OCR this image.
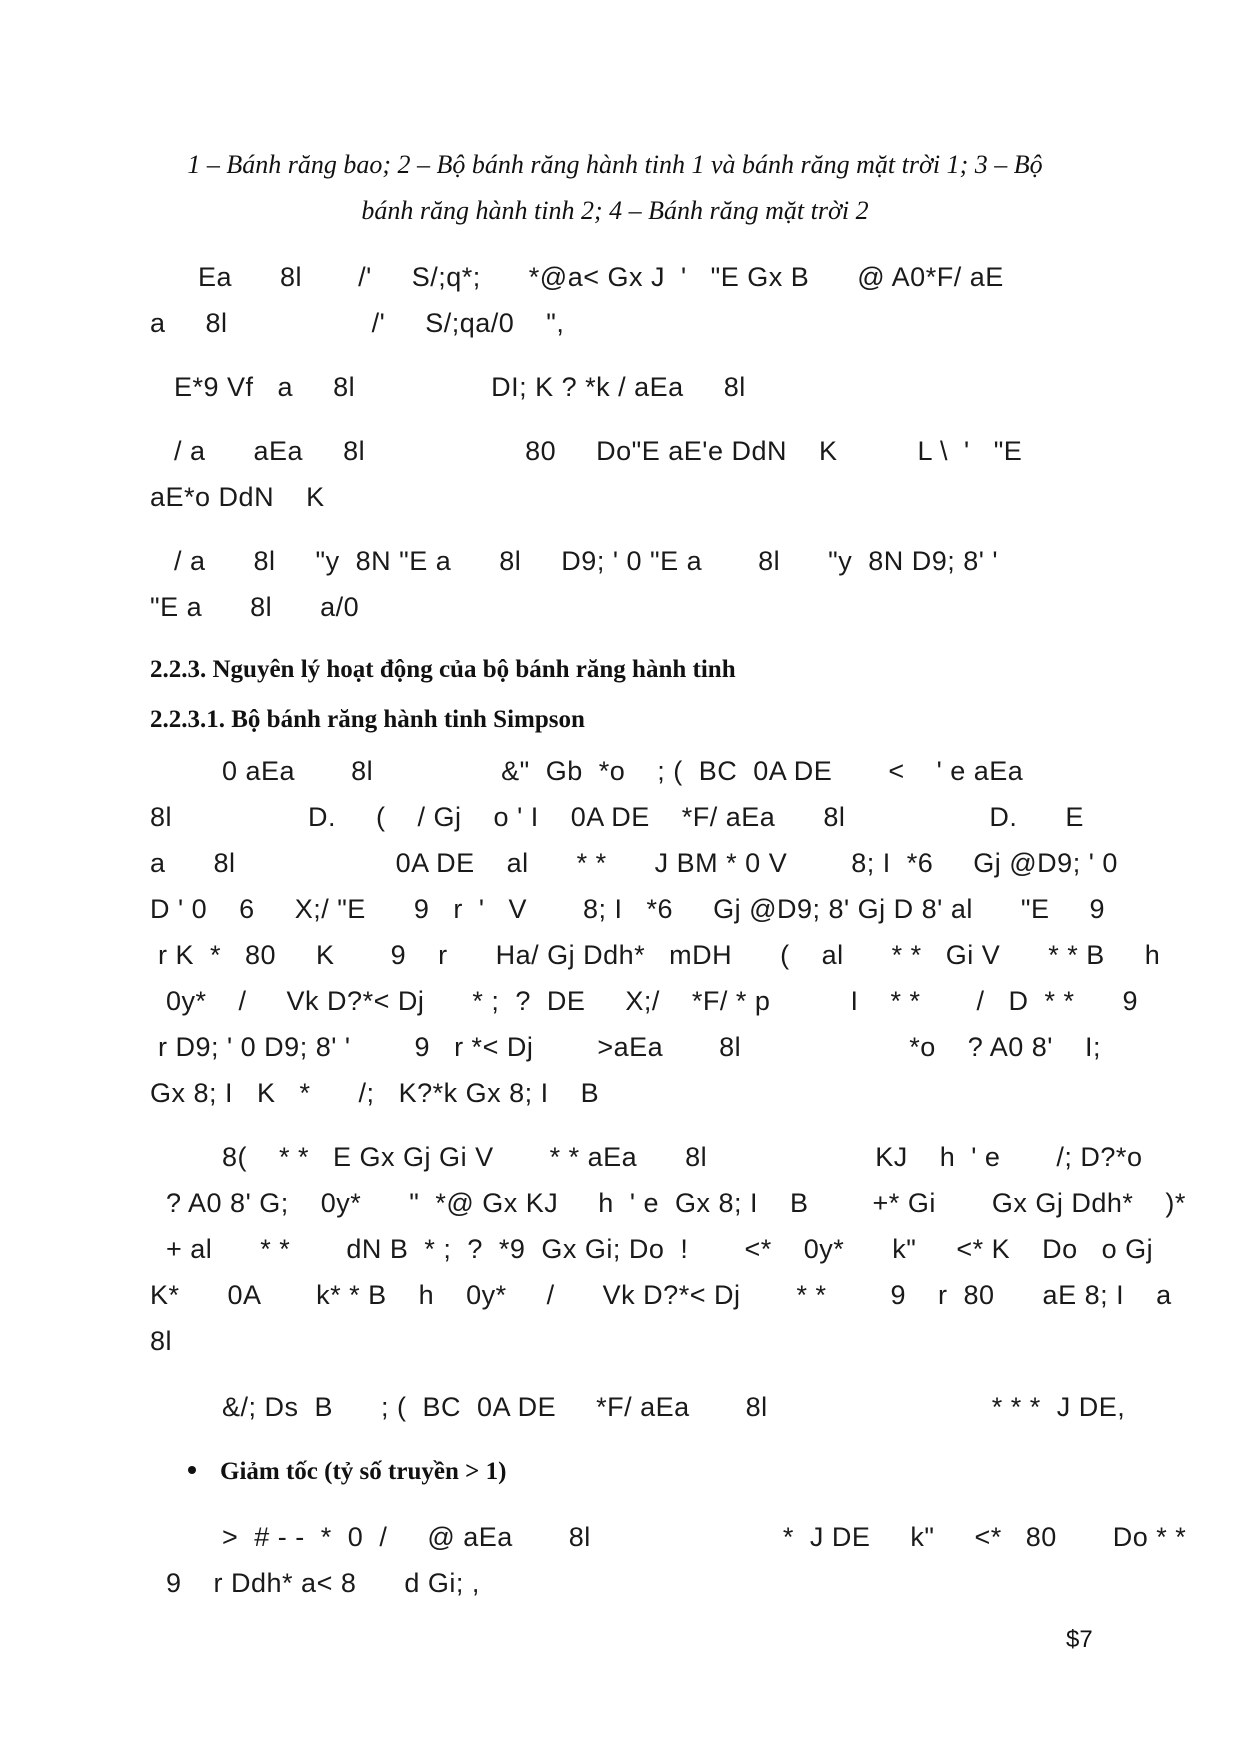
1 – Bánh răng bao; 2 – Bộ bánh răng hành tinh 1 và bánh răng mặt trời 1; 3 – Bộ
bánh răng hành tinh 2; 4 – Bánh răng mặt trời 2
Ea      8l       /'     S/;q*;      *@a< Gx J  '   "E Gx B      @ A0*F/ aE
a     8l                  /'     S/;qa/0    ",
E*9 Vf   a     8l                 DI; K ? *k / aEa     8l
/ a      aEa     8l                    80     Do"E aE'e DdN    K          L \  '   "E
aE*o DdN    K
/ a      8l     "y  8N "E a      8l     D9; ' 0 "E a       8l      "y  8N D9; 8' '
"E a      8l      a/0
2.2.3. Nguyên lý hoạt động của bộ bánh răng hành tinh
2.2.3.1. Bộ bánh răng hành tinh Simpson
0 aEa       8l                &"  Gb  *o    ; (  BC  0A DE       <    ' e aEa
8l                 D.     (    / Gj    o ' I    0A DE    *F/ aEa      8l                  D.      E
a      8l                    0A DE    al      * *      J BM * 0 V        8; I  *6     Gj @D9; ' 0
D ' 0    6     X;/ "E      9   r  '   V       8; I   *6     Gj @D9; 8' Gj D 8' al      "E     9
r K  *   80     K       9    r      Ha/ Gj Ddh*   mDH      (    al      * *   Gi V      * * B     h
0y*    /     Vk D?*< Dj      * ;  ?  DE     X;/    *F/ * p          I    * *       /   D  * *      9
r D9; ' 0 D9; 8' '        9   r *< Dj        >aEa       8l                     *o    ? A0 8'    I;
Gx 8; I   K   *      /;   K?*k Gx 8; I    B
8(    * *   E Gx Gj Gi V       * * aEa      8l                     KJ    h  ' e       /; D?*o
? A0 8' G;    0y*      "  *@ Gx KJ     h  ' e  Gx 8; I    B        +* Gi       Gx Gj Ddh*    )*
+ al      * *       dN B  * ;  ?  *9  Gx Gi; Do  !       <*    0y*      k"     <* K    Do   o Gj
K*      0A       k* * B    h    0y*     /      Vk D?*< Dj       * *        9    r  80      aE 8; I    a
8l
&/; Ds  B      ; (  BC  0A DE     *F/ aEa       8l                            * * *  J DE,
Giảm tốc (tỷ số truyền > 1)
>  # - -  *  0  /     @ aEa       8l                        *  J DE     k"     <*   80       Do * *
9    r Ddh* a< 8      d Gi; ,
$7
